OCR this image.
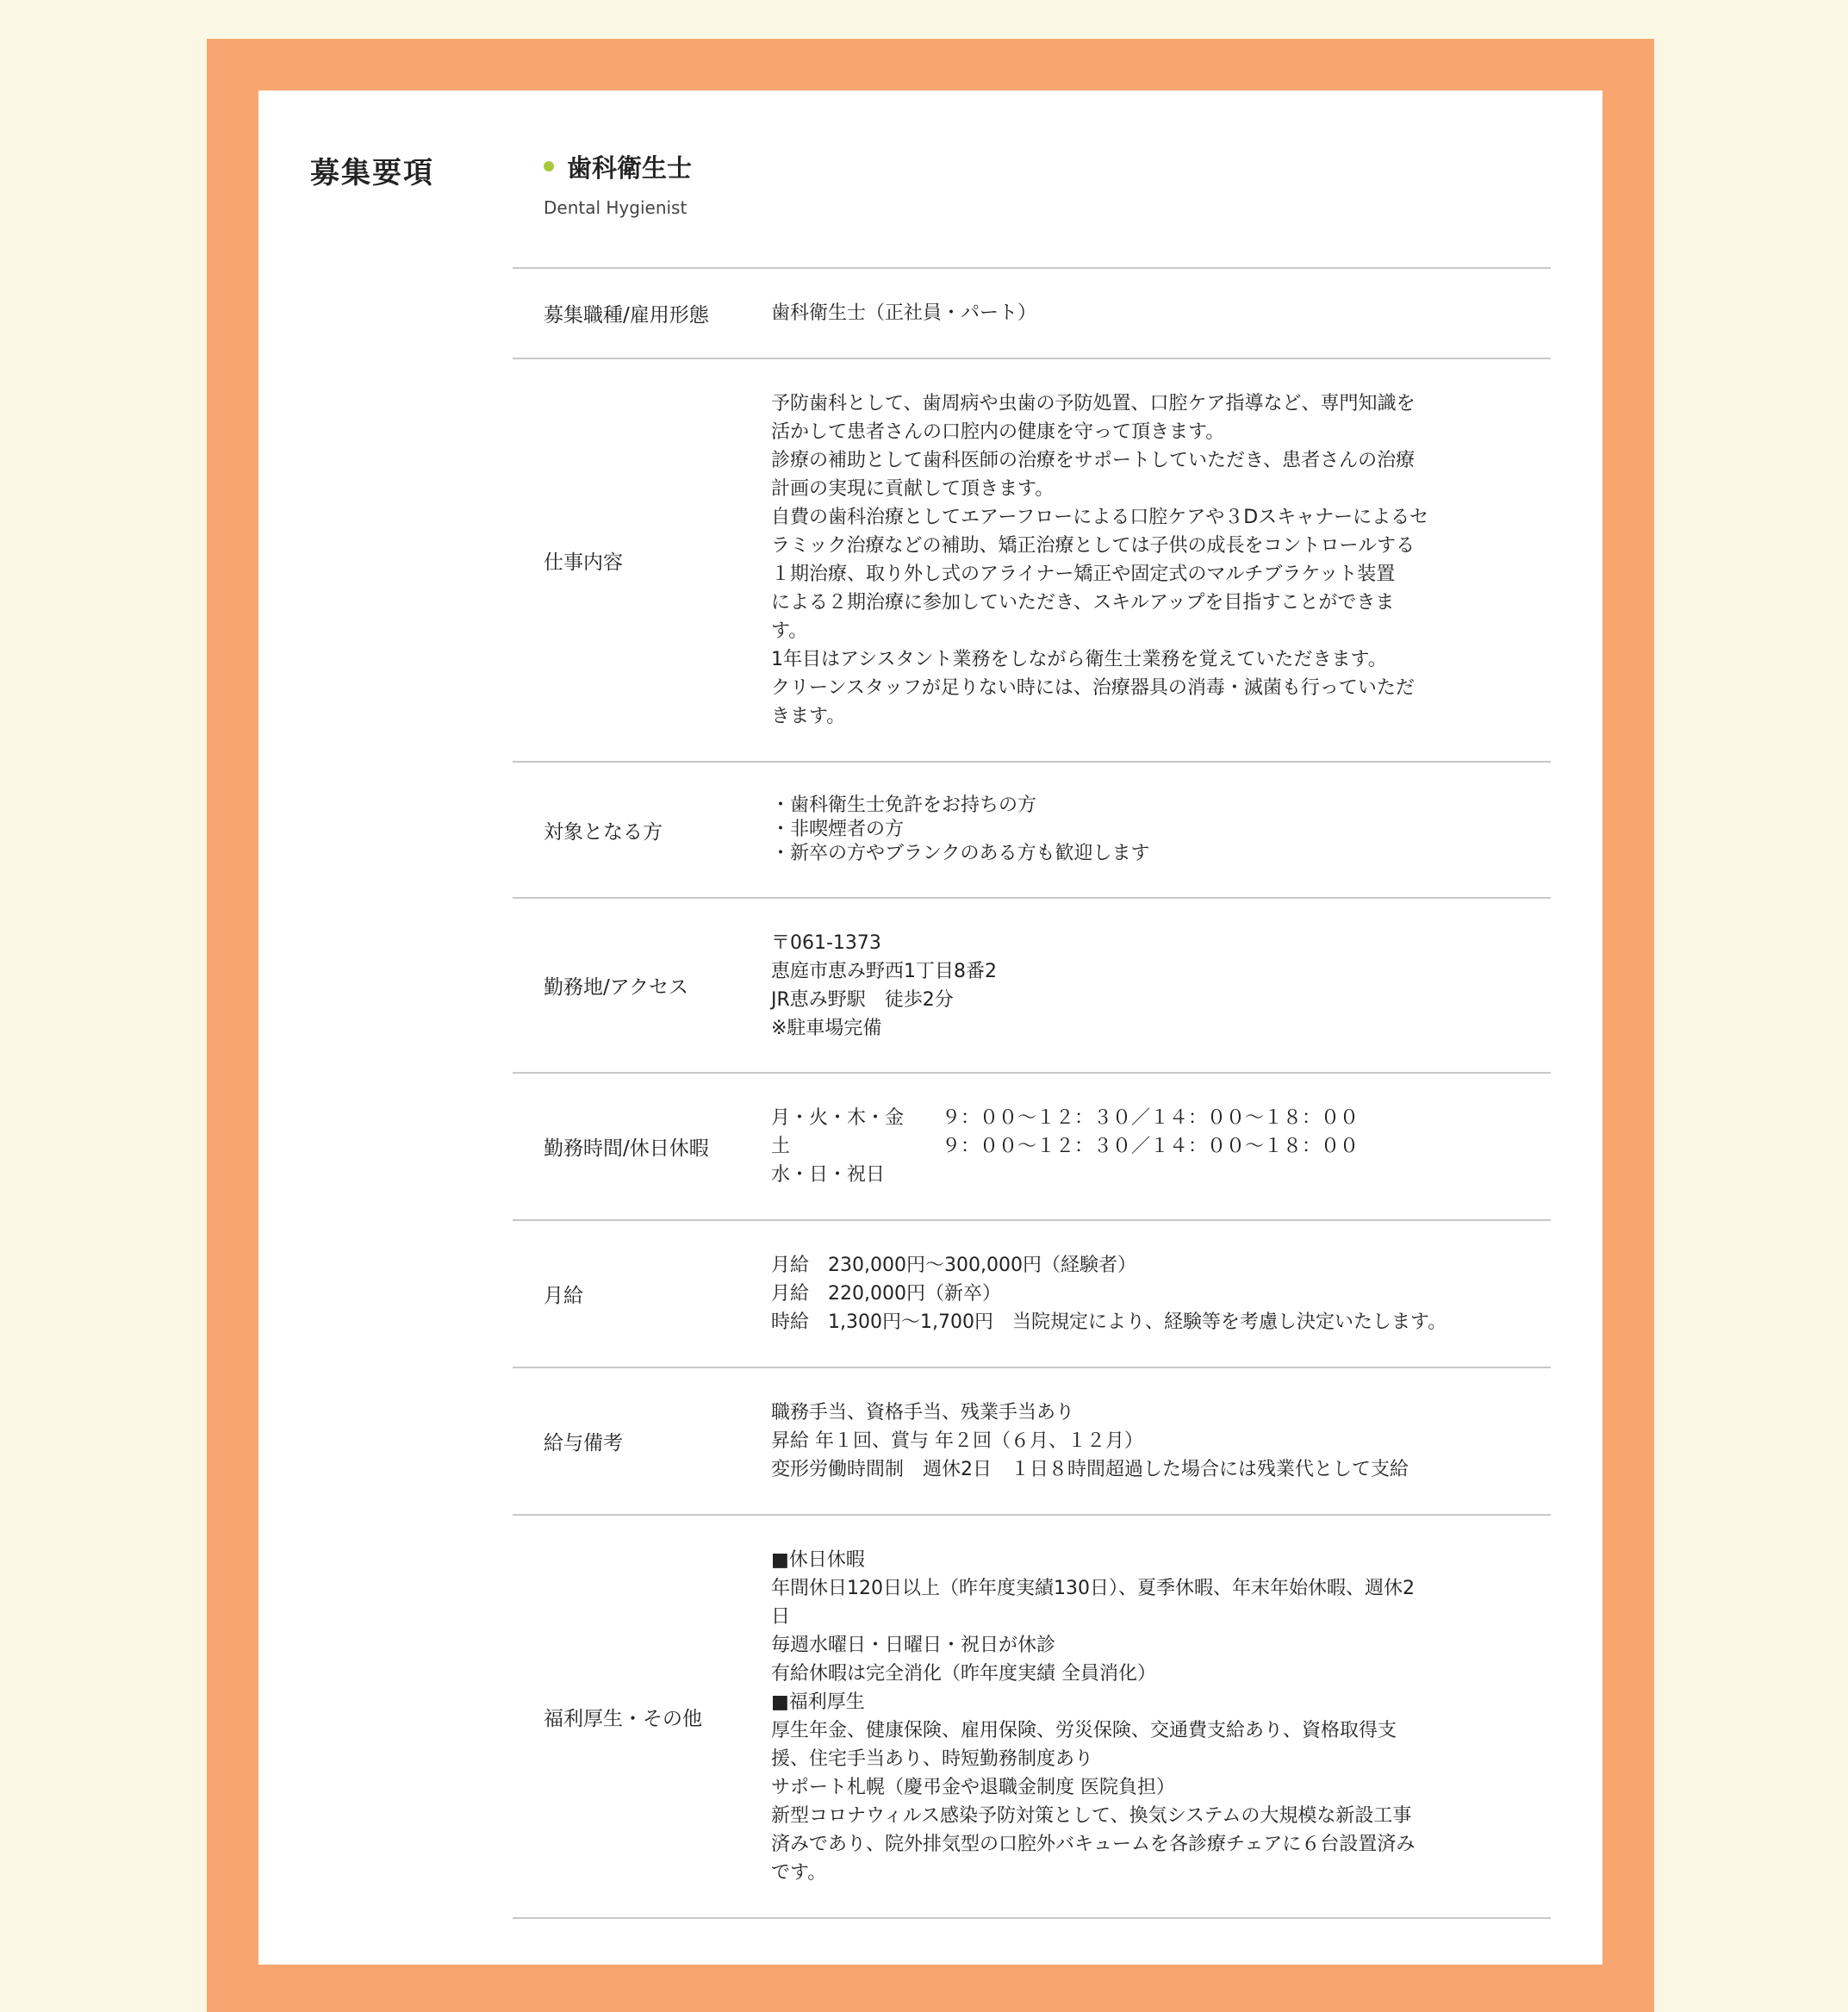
募集要項	歯科衛生士
Dental Hygienist
募集職種/雇用形態	歯科衛生士（正社員・パート）
仕事内容
予防歯科として、歯周病や虫歯の予防処置、口腔ケア指導など、専門知識を
活かして患者さんの口腔内の健康を守って頂きます。
診療の補助として歯科医師の治療をサポートしていただき、患者さんの治療
計画の実現に貢献して頂きます。
自費の歯科治療としてエアーフローによる口腔ケアや３Dスキャナーによるセ
ラミック治療などの補助、矯正治療としては子供の成長をコントロールする
１期治療、取り外し式のアライナー矯正や固定式のマルチブラケット装置
による２期治療に参加していただき、スキルアップを目指すことができま
す。
1年目はアシスタント業務をしながら衛生士業務を覚えていただきます。
クリーンスタッフが足りない時には、治療器具の消毒・滅菌も行っていただ
きます。
対象となる方
・歯科衛生士免許をお持ちの方
・非喫煙者の方
・新卒の方やブランクのある方も歓迎します
勤務地/アクセス
〒061-1373
恵庭市恵み野西1丁目8番2
JR恵み野駅　徒歩2分
※駐車場完備
勤務時間/休日休暇
月・火・木・金　　９：００〜１２：３０／１４：００〜１８：００
土　　　　　　　　９：００〜１２：３０／１４：００〜１８：００
水・日・祝日
月給
月給　230,000円〜300,000円（経験者）
月給　220,000円（新卒）
時給　1,300円〜1,700円　当院規定により、経験等を考慮し決定いたします。
給与備考
職務手当、資格手当、残業手当あり
昇給 年１回、賞与 年２回（６月、１２月）
変形労働時間制　週休2日　１日８時間超過した場合には残業代として支給
福利厚生・その他
■休日休暇
年間休日120日以上（昨年度実績130日）、夏季休暇、年末年始休暇、週休2
日
毎週水曜日・日曜日・祝日が休診
有給休暇は完全消化（昨年度実績 全員消化）
■福利厚生
厚生年金、健康保険、雇用保険、労災保険、交通費支給あり、資格取得支
援、住宅手当あり、時短勤務制度あり
サポート札幌（慶弔金や退職金制度 医院負担）
新型コロナウィルス感染予防対策として、換気システムの大規模な新設工事
済みであり、院外排気型の口腔外バキュームを各診療チェアに６台設置済み
です。
